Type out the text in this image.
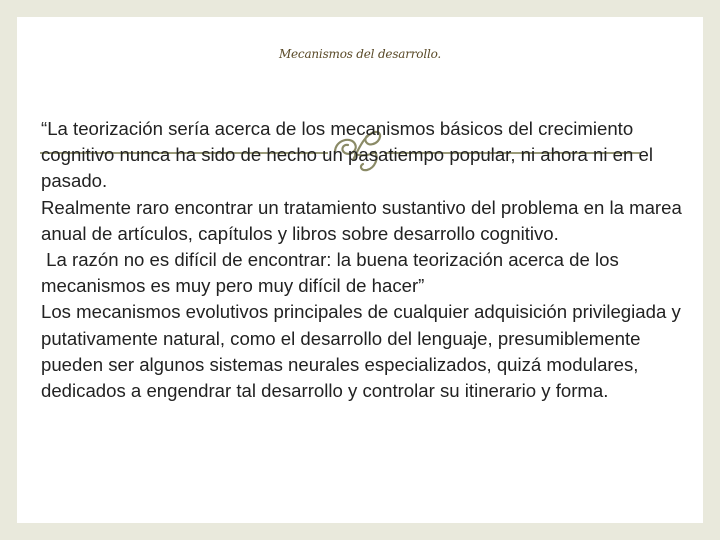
Mecanismos del desarrollo.

“La teorización sería acerca de los mecanismos básicos del crecimiento cognitivo nunca ha sido de hecho un pasatiempo popular, ni ahora ni en el pasado.

Realmente raro encontrar un tratamiento sustantivo del problema en la marea anual de artículos, capítulos y libros sobre desarrollo cognitivo.

La razón no es difícil de encontrar: la buena teorización acerca de los mecanismos es muy pero muy difícil de hacer”

Los mecanismos evolutivos principales de cualquier adquisición privilegiada y putativamente natural, como el desarrollo del lenguaje, presumiblemente pueden ser algunos sistemas neurales especializados, quizá modulares, dedicados a engendrar tal desarrollo y controlar su itinerario y forma.
